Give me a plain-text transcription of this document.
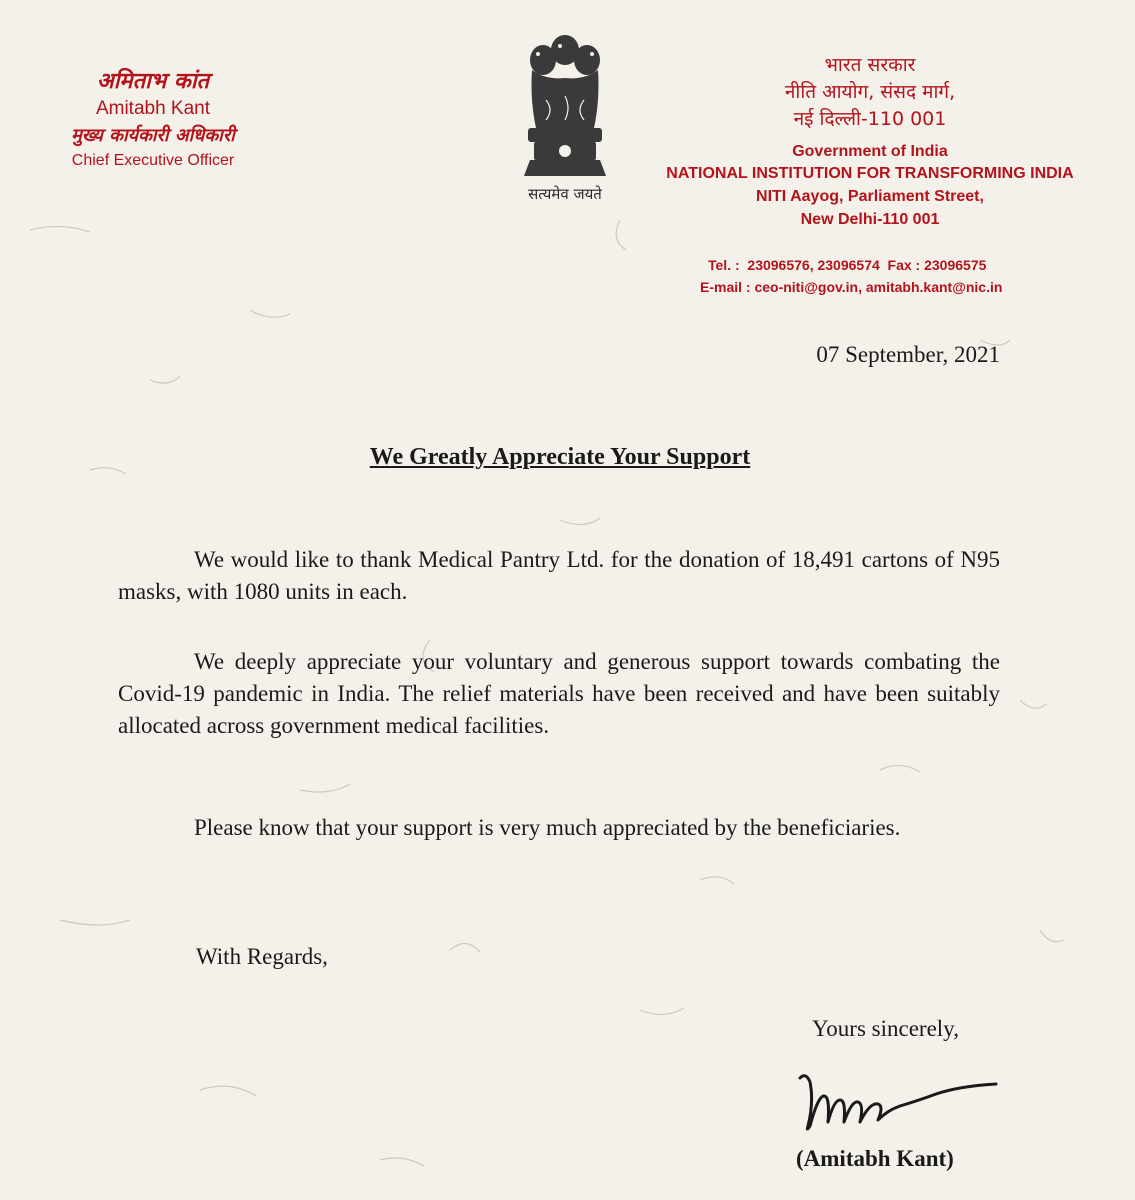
अमिताभ कांत
Amitabh Kant
मुख्य कार्यकारी अधिकारी
Chief Executive Officer
सत्यमेव जयते
भारत सरकार
नीति आयोग, संसद मार्ग,
नई दिल्ली-110 001
Government of India
NATIONAL INSTITUTION FOR TRANSFORMING INDIA
NITI Aayog, Parliament Street,
New Delhi-110 001
Tel. :  23096576, 23096574  Fax : 23096575
E-mail : ceo-niti@gov.in, amitabh.kant@nic.in
07 September, 2021
We Greatly Appreciate Your Support
We would like to thank Medical Pantry Ltd. for the donation of 18,491 cartons of N95 masks, with 1080 units in each.
We deeply appreciate your voluntary and generous support towards combating the Covid-19 pandemic in India. The relief materials have been received and have been suitably allocated across government medical facilities.
Please know that your support is very much appreciated by the beneficiaries.
With Regards,
Yours sincerely,
(Amitabh Kant)
